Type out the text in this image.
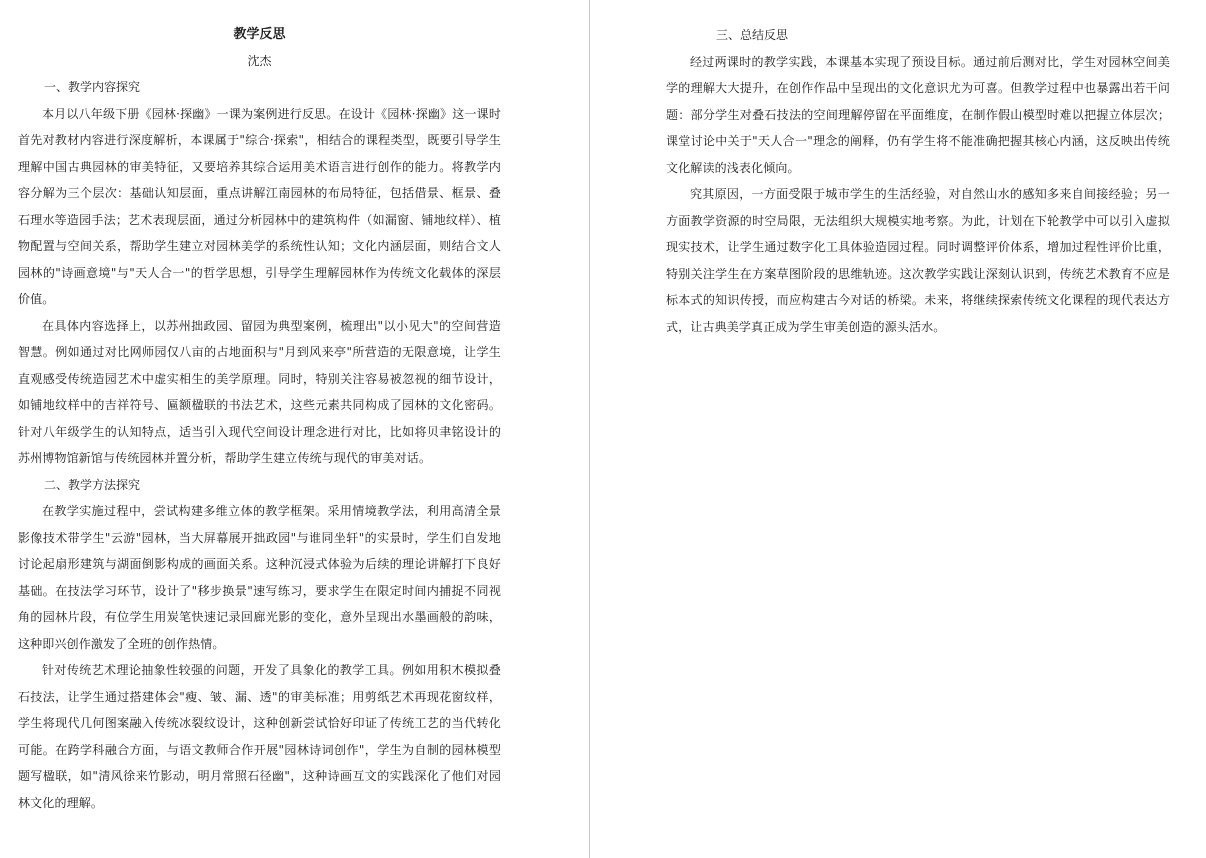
教学反思

沈杰

一、教学内容探究

本月以八年级下册《园林·探幽》一课为案例进行反思。在设计《园林·探幽》这一课时首先对教材内容进行深度解析，本课属于"综合·探索"，相结合的课程类型，既要引导学生理解中国古典园林的审美特征，又要培养其综合运用美术语言进行创作的能力。将教学内容分解为三个层次：基础认知层面，重点讲解江南园林的布局特征，包括借景、框景、叠石理水等造园手法；艺术表现层面，通过分析园林中的建筑构件（如漏窗、铺地纹样）、植物配置与空间关系，帮助学生建立对园林美学的系统性认知；文化内涵层面，则结合文人园林的"诗画意境"与"天人合一"的哲学思想，引导学生理解园林作为传统文化载体的深层价值。

在具体内容选择上，以苏州拙政园、留园为典型案例，梳理出"以小见大"的空间营造智慧。例如通过对比网师园仅八亩的占地面积与"月到风来亭"所营造的无限意境，让学生直观感受传统造园艺术中虚实相生的美学原理。同时，特别关注容易被忽视的细节设计，如铺地纹样中的吉祥符号、匾额楹联的书法艺术，这些元素共同构成了园林的文化密码。针对八年级学生的认知特点，适当引入现代空间设计理念进行对比，比如将贝聿铭设计的苏州博物馆新馆与传统园林并置分析，帮助学生建立传统与现代的审美对话。

二、教学方法探究

在教学实施过程中，尝试构建多维立体的教学框架。采用情境教学法，利用高清全景影像技术带学生"云游"园林，当大屏幕展开拙政园"与谁同坐轩"的实景时，学生们自发地讨论起扇形建筑与湖面倒影构成的画面关系。这种沉浸式体验为后续的理论讲解打下良好基础。在技法学习环节，设计了"移步换景"速写练习，要求学生在限定时间内捕捉不同视角的园林片段，有位学生用炭笔快速记录回廊光影的变化，意外呈现出水墨画般的韵味，这种即兴创作激发了全班的创作热情。

针对传统艺术理论抽象性较强的问题，开发了具象化的教学工具。例如用积木模拟叠石技法，让学生通过搭建体会"瘦、皱、漏、透"的审美标准；用剪纸艺术再现花窗纹样，学生将现代几何图案融入传统冰裂纹设计，这种创新尝试恰好印证了传统工艺的当代转化可能。在跨学科融合方面，与语文教师合作开展"园林诗词创作"，学生为自制的园林模型题写楹联，如"清风徐来竹影动，明月常照石径幽"，这种诗画互文的实践深化了他们对园林文化的理解。

三、总结反思

经过两课时的教学实践，本课基本实现了预设目标。通过前后测对比，学生对园林空间美学的理解大大提升，在创作作品中呈现出的文化意识尤为可喜。但教学过程中也暴露出若干问题：部分学生对叠石技法的空间理解停留在平面维度，在制作假山模型时难以把握立体层次；课堂讨论中关于"天人合一"理念的阐释，仍有学生将不能准确把握其核心内涵，这反映出传统文化解读的浅表化倾向。

究其原因，一方面受限于城市学生的生活经验，对自然山水的感知多来自间接经验；另一方面教学资源的时空局限，无法组织大规模实地考察。为此，计划在下轮教学中可以引入虚拟现实技术，让学生通过数字化工具体验造园过程。同时调整评价体系，增加过程性评价比重，特别关注学生在方案草图阶段的思维轨迹。这次教学实践让深刻认识到，传统艺术教育不应是标本式的知识传授，而应构建古今对话的桥梁。未来，将继续探索传统文化课程的现代表达方式，让古典美学真正成为学生审美创造的源头活水。
